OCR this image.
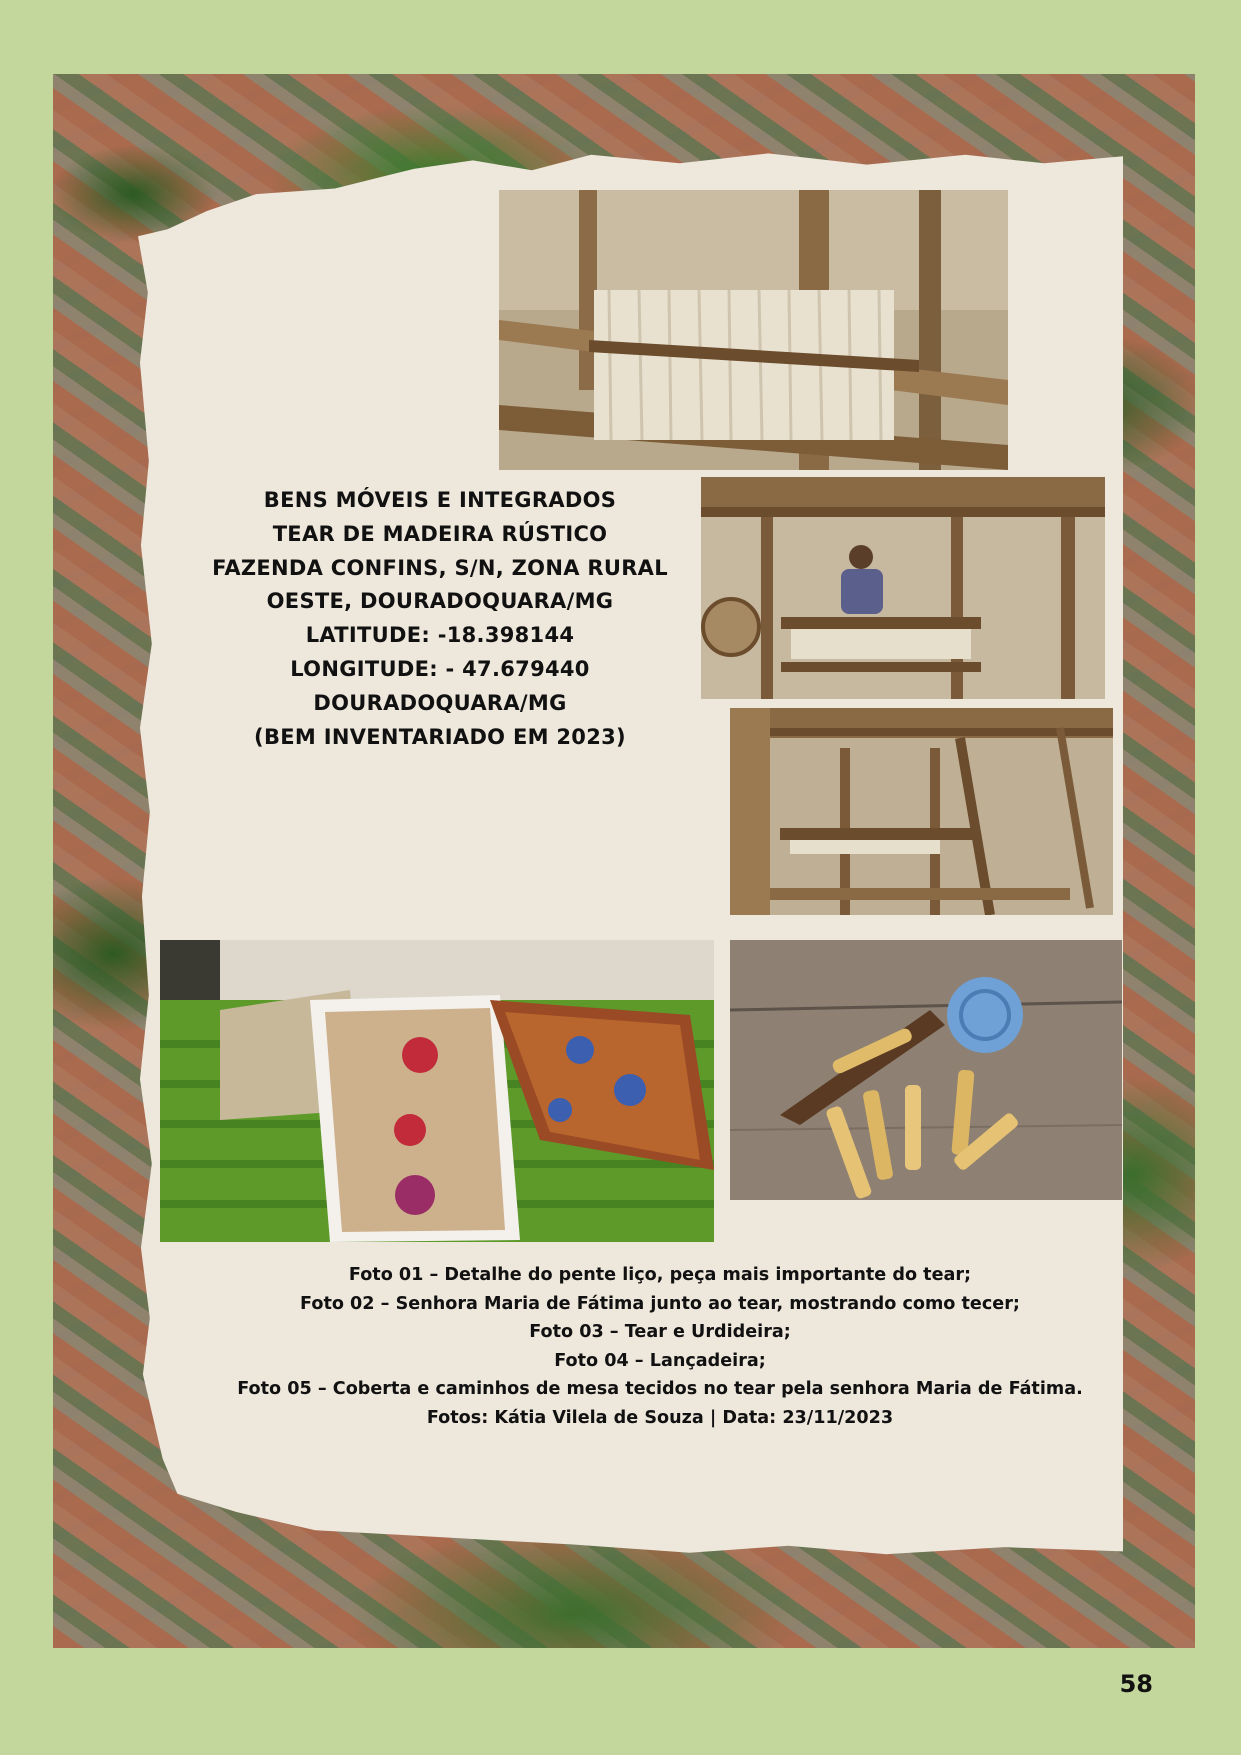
BENS MÓVEIS E INTEGRADOS
TEAR DE MADEIRA RÚSTICO
FAZENDA CONFINS, S/N, ZONA RURAL
OESTE, DOURADOQUARA/MG
LATITUDE: -18.398144
LONGITUDE: - 47.679440
DOURADOQUARA/MG
(BEM INVENTARIADO EM 2023)
Foto 01 – Detalhe do pente liço, peça mais importante do tear;
Foto 02 – Senhora Maria de Fátima junto ao tear, mostrando como tecer;
Foto 03 – Tear e Urdideira;
Foto 04 – Lançadeira;
Foto 05 – Coberta e caminhos de mesa tecidos no tear pela senhora Maria de Fátima.
Fotos: Kátia Vilela de Souza | Data: 23/11/2023
58
